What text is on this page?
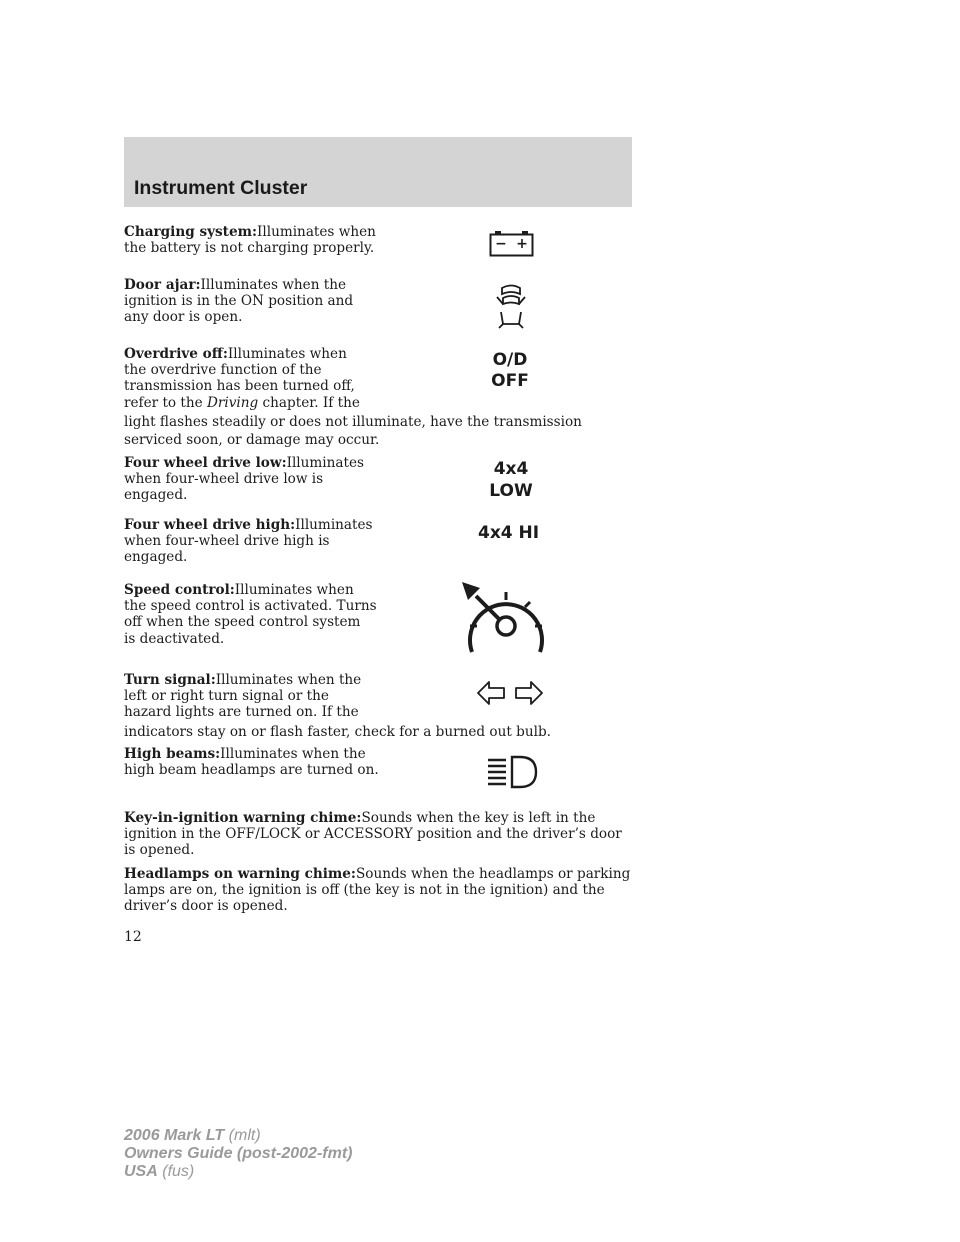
Instrument Cluster
Charging system:Illuminates when
the battery is not charging properly.	− +
Door ajar:Illuminates when the
ignition is in the ON position and
any door is open.
Overdrive off:Illuminates when
the overdrive function of the
transmission has been turned off,
refer to the Driving chapter. If the
light flashes steadily or does not illuminate, have the transmission
serviced soon, or damage may occur.
O/D
OFF
Four wheel drive low:Illuminates
when four-wheel drive low is
engaged.
4x4
LOW
Four wheel drive high:Illuminates
when four-wheel drive high is
engaged.
4x4 HI
Speed control:Illuminates when
the speed control is activated. Turns
off when the speed control system
is deactivated.
Turn signal:Illuminates when the
left or right turn signal or the
hazard lights are turned on. If the
indicators stay on or flash faster, check for a burned out bulb.
High beams:Illuminates when the
high beam headlamps are turned on.
Key-in-ignition warning chime:Sounds when the key is left in the
ignition in the OFF/LOCK or ACCESSORY position and the driver’s door
is opened.
Headlamps on warning chime:Sounds when the headlamps or parking
lamps are on, the ignition is off (the key is not in the ignition) and the
driver’s door is opened.

12

2006 Mark LT (mlt)
Owners Guide (post-2002-fmt)
USA (fus)
